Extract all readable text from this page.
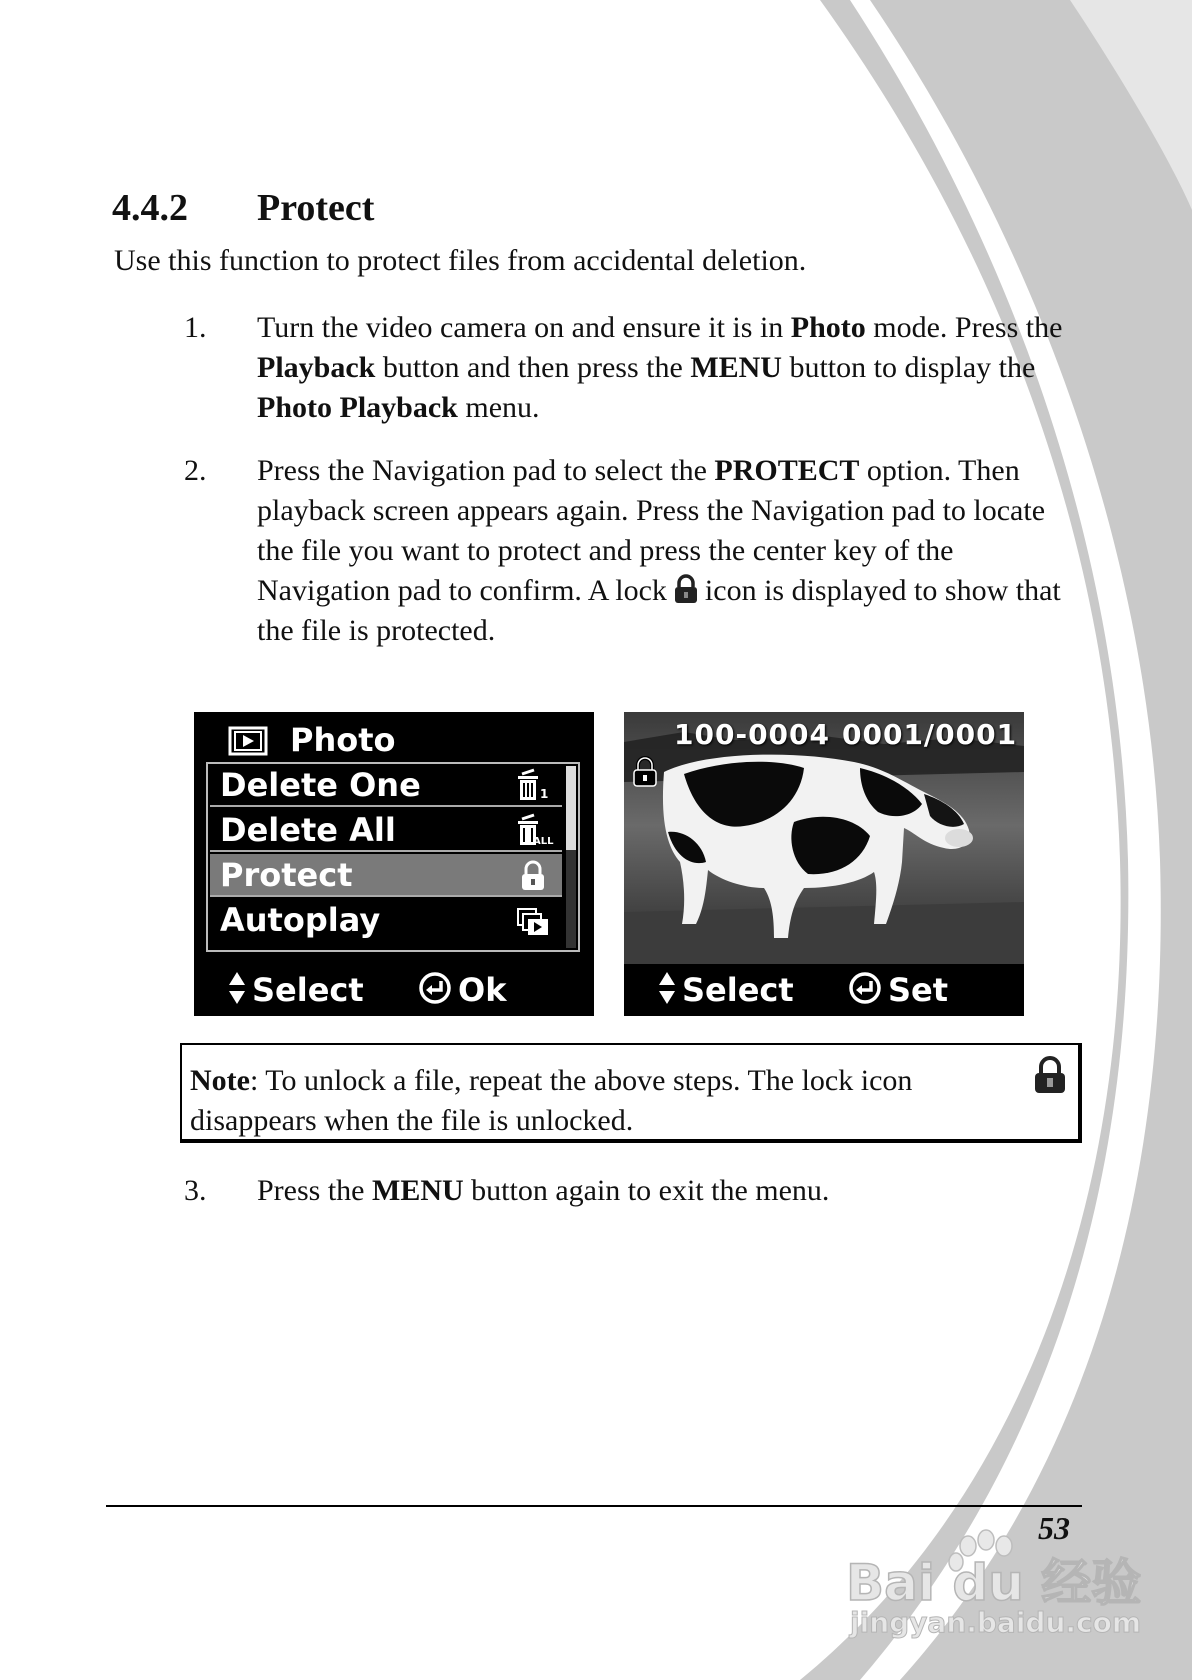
4.4.2 Protect

Use this function to protect files from accidental deletion.

1. Turn the video camera on and ensure it is in Photo mode. Press the Playback button and then press the MENU button to display the Photo Playback menu.
2. Press the Navigation pad to select the PROTECT option. Then playback screen appears again. Press the Navigation pad to locate the file you want to protect and press the center key of the Navigation pad to confirm. A lock icon is displayed to show that the file is protected.
Photo
Delete One	1
Delete All	ALL
Protect
Autoplay
Select	Ok
100-0004 0001/0001
Select	Set
Note: To unlock a file, repeat the above steps. The lock icon disappears when the file is unlocked.
3. Press the MENU button again to exit the menu.
53
Bai du 经验
jingyan.baidu.com
